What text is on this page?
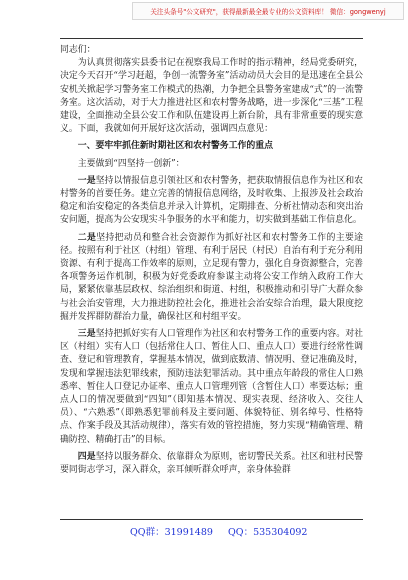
关注头条号"公文研究"，获得最新最全最专业的公文资料库！ 微信：gongwenyj

同志们：

为认真贯彻落实县委书记在视察我局工作时的指示精神，经局党委研究，决定今天召开“学习赶超，争创一流警务室”活动动员大会目的是迅速在全县公安机关掀起学习警务室工作模式的热潮，力争把全县警务室建成“式”的一流警务室。这次活动，对于大力推进社区和农村警务战略，进一步深化“三基”工程建设，全面推动全县公安工作和队伍建设再上新台阶，具有非常重要的现实意义。下面，我就如何开展好这次活动，强调四点意见：

一、要牢牢抓住新时期社区和农村警务工作的重点

主要做到“四坚持一创新”：

一是坚持以情报信息引领社区和农村警务，把获取情报信息作为社区和农村警务的首要任务。建立完善的情报信息网络，及时收集、上报涉及社会政治稳定和治安稳定的各类信息并录入计算机，定期排查、分析社情动态和突出治安问题，提高为公安现实斗争服务的水平和能力，切实做到基础工作信息化。

二是坚持把动员和整合社会资源作为抓好社区和农村警务工作的主要途径。按照有利于社区（村组）管理、有利于居民（村民）自治有利于充分利用资源、有利于提高工作效率的原则，立足现有警力，强化自身资源整合，完善各项警务运作机制，积极为好党委政府参谋主动将公安工作纳入政府工作大局，紧紧依靠基层政权、综治组织和街道、村组，积极推动和引导广大群众参与社会治安管理，大力推进防控社会化，推进社会治安综合治理，最大限度挖掘并发挥群防群治力量，确保社区和村组平安。

三是坚持把抓好实有人口管理作为社区和农村警务工作的重要内容。对社区（村组）实有人口（包括常住人口、暂住人口、重点人口）要进行经常性调查、登记和管理教育，掌握基本情况，做到底数清、情况明、登记准确及时，发现和掌握违法犯罪线索，预防违法犯罪活动。其中重点年龄段的常住人口熟悉率、暂住人口登记办证率、重点人口管理列管（含暂住人口）率要达标；重点人口的情况要做到“四知”（即知基本情况、现实表现、经济收入、交往人员）、“六熟悉”（即熟悉犯罪前科及主要问题、体貌特征、别名绰号、性格特点、作案手段及其活动规律），落实有效的管控措施，努力实现“精确管理、精确防控、精确打击”的目标。

四是坚持以服务群众、依靠群众为原则，密切警民关系。社区和驻村民警要同街志学习，深入群众，亲耳倾听群众呼声，亲身体验群

QQ群：31991489 QQ：535304092
